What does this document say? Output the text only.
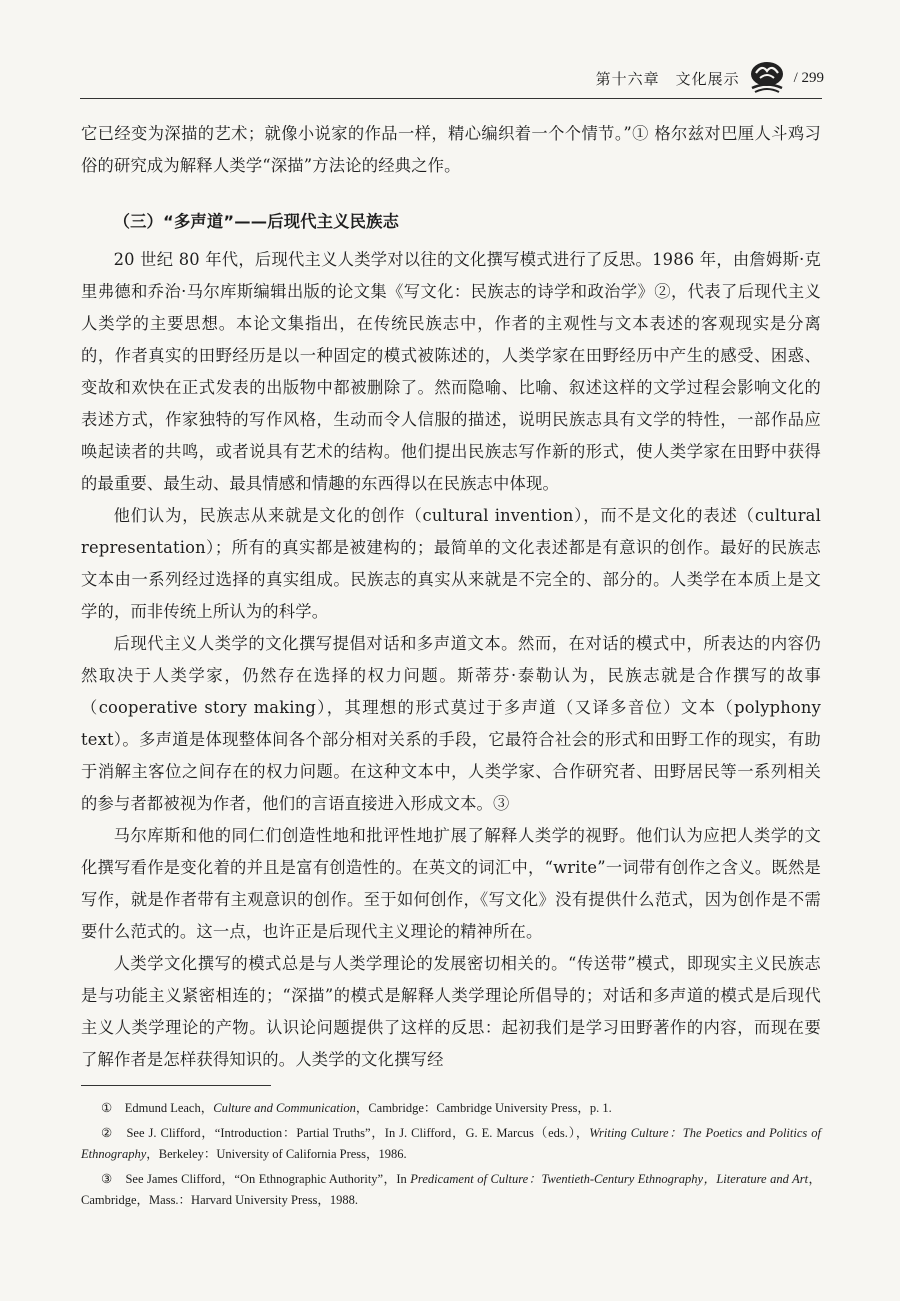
第十六章　文化展示	/ 299

它已经变为深描的艺术；就像小说家的作品一样，精心编织着一个个情节。”① 格尔兹对巴厘人斗鸡习俗的研究成为解释人类学“深描”方法论的经典之作。

（三）“多声道”——后现代主义民族志

20 世纪 80 年代，后现代主义人类学对以往的文化撰写模式进行了反思。1986 年，由詹姆斯·克里弗德和乔治·马尔库斯编辑出版的论文集《写文化：民族志的诗学和政治学》②，代表了后现代主义人类学的主要思想。本论文集指出，在传统民族志中，作者的主观性与文本表述的客观现实是分离的，作者真实的田野经历是以一种固定的模式被陈述的，人类学家在田野经历中产生的感受、困惑、变故和欢快在正式发表的出版物中都被删除了。然而隐喻、比喻、叙述这样的文学过程会影响文化的表述方式，作家独特的写作风格，生动而令人信服的描述，说明民族志具有文学的特性，一部作品应唤起读者的共鸣，或者说具有艺术的结构。他们提出民族志写作新的形式，使人类学家在田野中获得的最重要、最生动、最具情感和情趣的东西得以在民族志中体现。

他们认为，民族志从来就是文化的创作（cultural invention），而不是文化的表述（cultural representation）；所有的真实都是被建构的；最简单的文化表述都是有意识的创作。最好的民族志文本由一系列经过选择的真实组成。民族志的真实从来就是不完全的、部分的。人类学在本质上是文学的，而非传统上所认为的科学。

后现代主义人类学的文化撰写提倡对话和多声道文本。然而，在对话的模式中，所表达的内容仍然取决于人类学家，仍然存在选择的权力问题。斯蒂芬·泰勒认为，民族志就是合作撰写的故事（cooperative story making），其理想的形式莫过于多声道（又译多音位）文本（polyphony text）。多声道是体现整体间各个部分相对关系的手段，它最符合社会的形式和田野工作的现实，有助于消解主客位之间存在的权力问题。在这种文本中，人类学家、合作研究者、田野居民等一系列相关的参与者都被视为作者，他们的言语直接进入形成文本。③

马尔库斯和他的同仁们创造性地和批评性地扩展了解释人类学的视野。他们认为应把人类学的文化撰写看作是变化着的并且是富有创造性的。在英文的词汇中，“write”一词带有创作之含义。既然是写作，就是作者带有主观意识的创作。至于如何创作，《写文化》没有提供什么范式，因为创作是不需要什么范式的。这一点，也许正是后现代主义理论的精神所在。

人类学文化撰写的模式总是与人类学理论的发展密切相关的。“传送带”模式，即现实主义民族志是与功能主义紧密相连的；“深描”的模式是解释人类学理论所倡导的；对话和多声道的模式是后现代主义人类学理论的产物。认识论问题提供了这样的反思：起初我们是学习田野著作的内容，而现在要了解作者是怎样获得知识的。人类学的文化撰写经

①　Edmund Leach，Culture and Communication，Cambridge：Cambridge University Press，p. 1.

②　See J. Clifford，“Introduction：Partial Truths”，In J. Clifford，G. E. Marcus（eds.），Writing Culture：The Poetics and Politics of Ethnography，Berkeley：University of California Press，1986.

③　See James Clifford，“On Ethnographic Authority”，In Predicament of Culture：Twentieth-Century Ethnography，Literature and Art，Cambridge，Mass.：Harvard University Press，1988.
